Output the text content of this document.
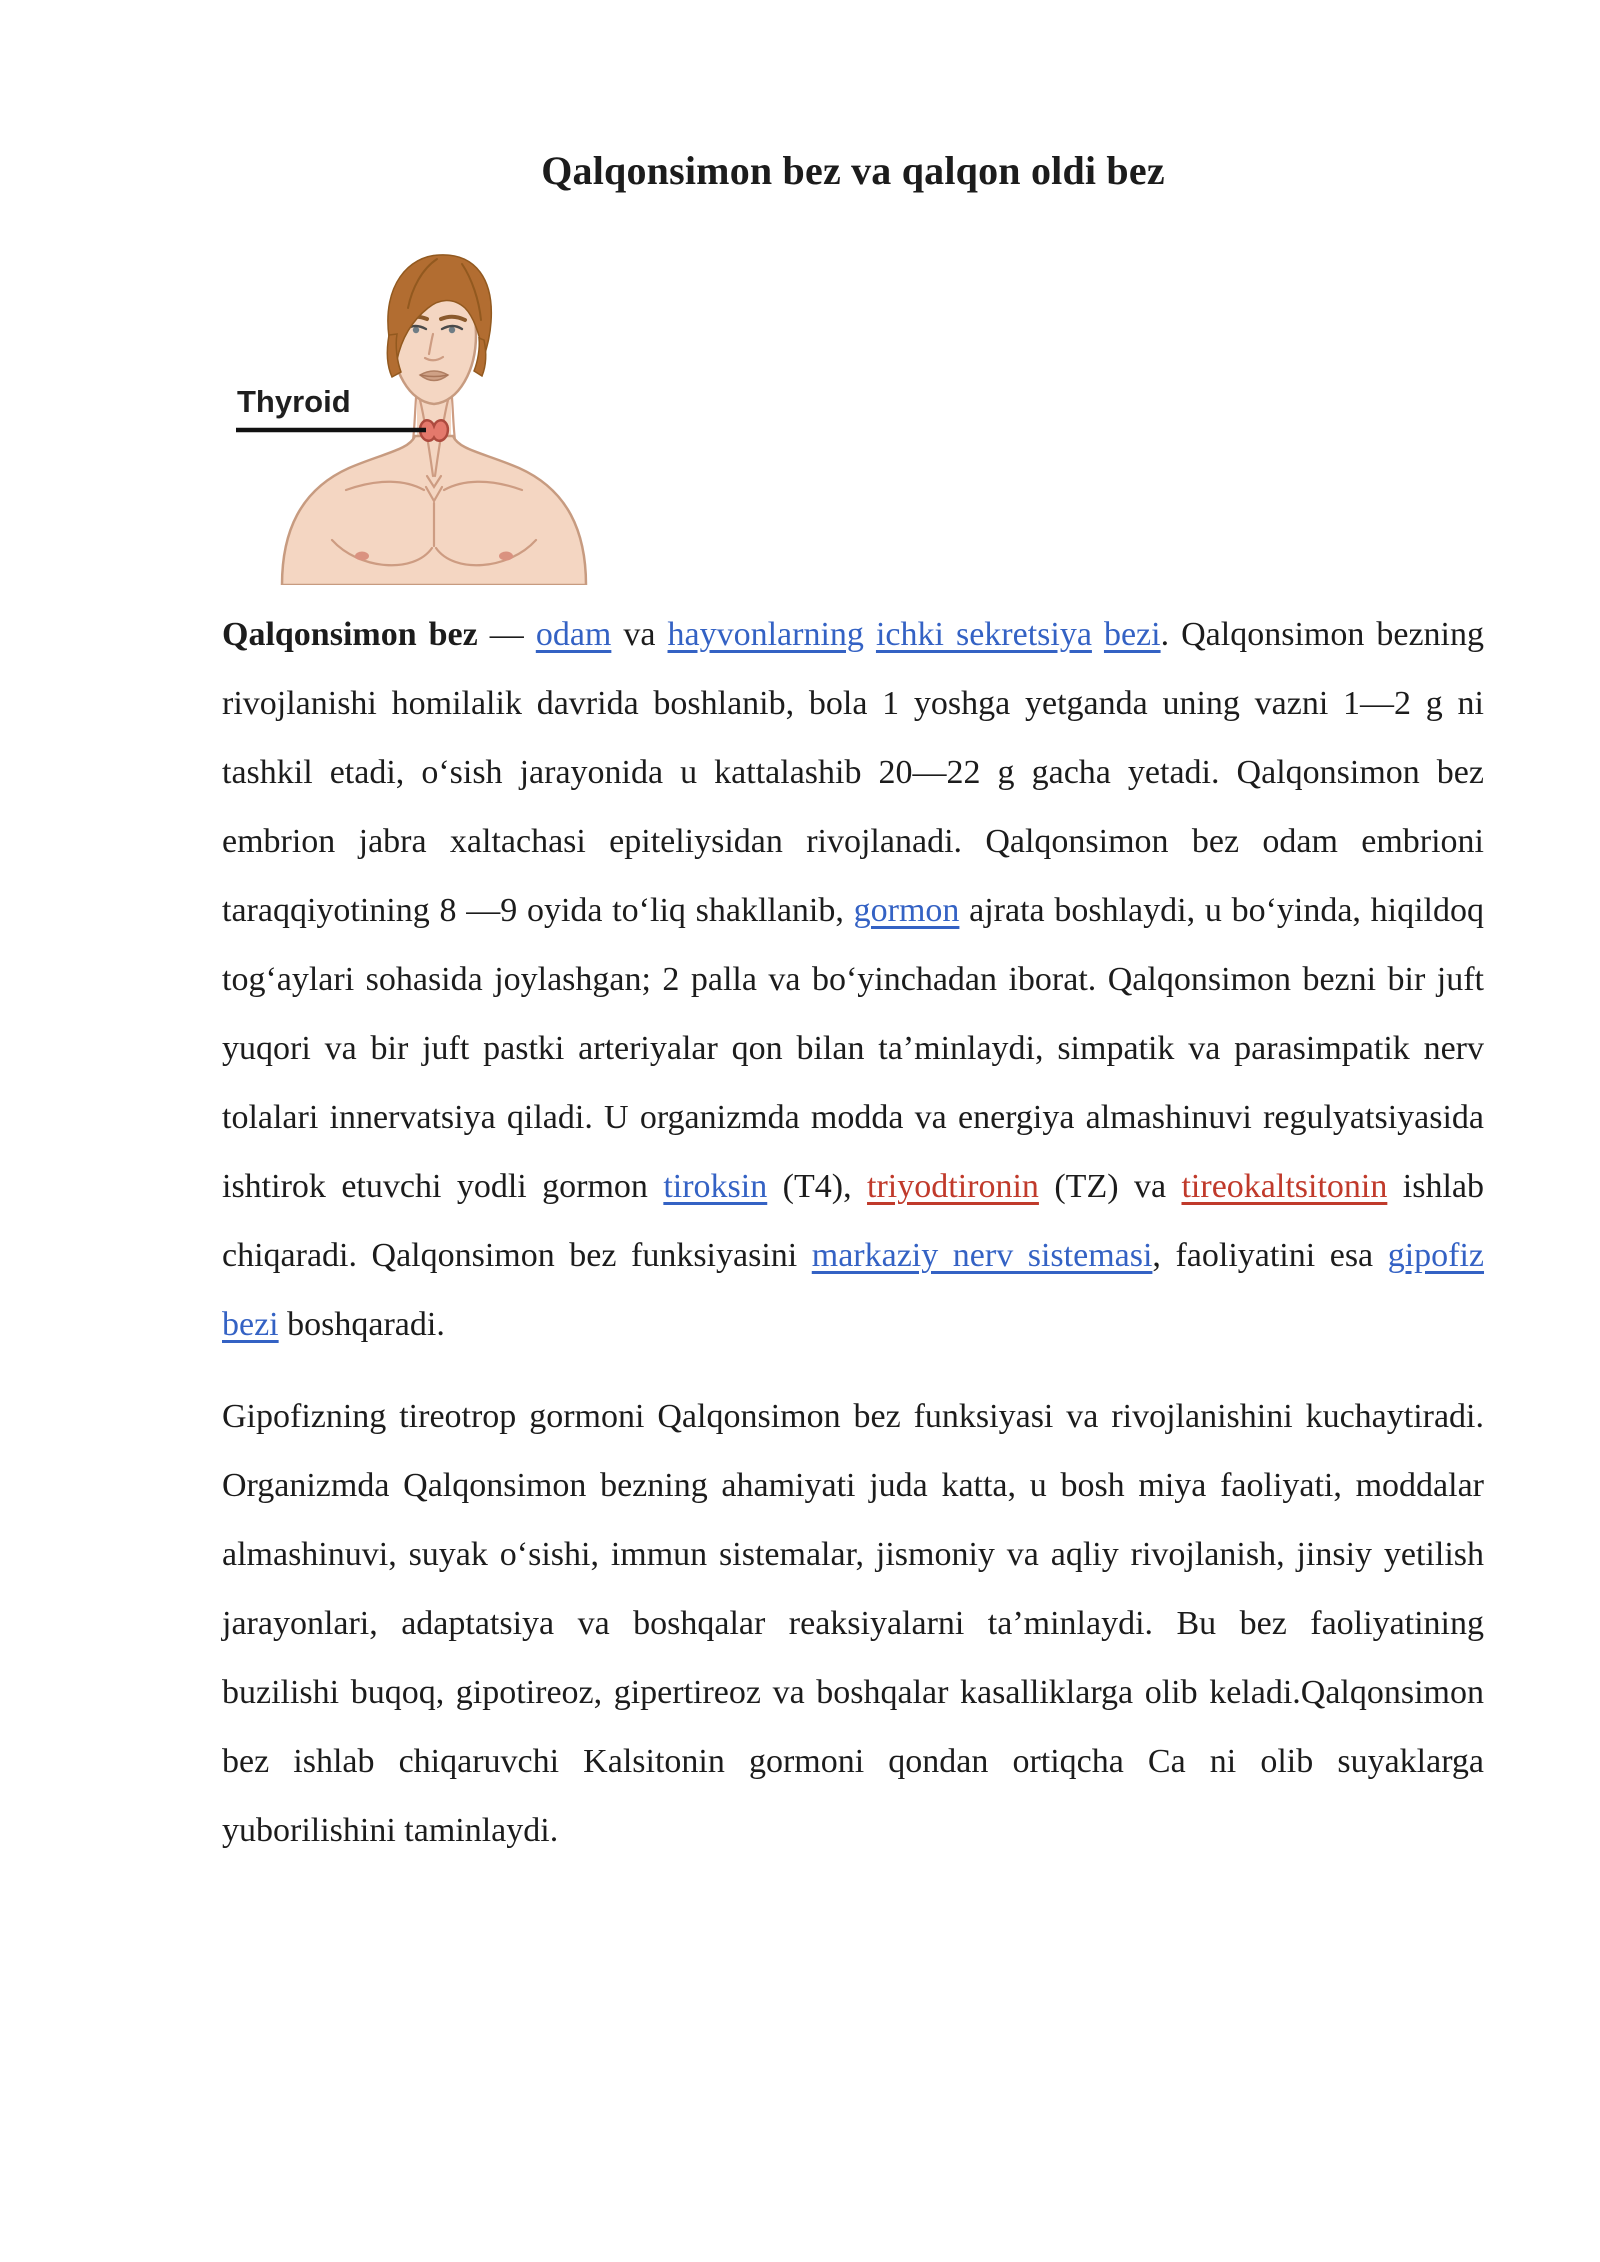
Qalqonsimon bez va qalqon oldi bez
Thyroid

Qalqonsimon bez — odam va hayvonlarning ichki sekretsiya bezi. Qalqonsimon bezning rivojlanishi homilalik davrida boshlanib, bola 1 yoshga yetganda uning vazni 1—2 g ni tashkil etadi, o‘sish jarayonida u kattalashib 20—22 g gacha yetadi. Qalqonsimon bez embrion jabra xaltachasi epiteliysidan rivojlanadi. Qalqonsimon bez odam embrioni taraqqiyotining 8 —9 oyida to‘liq shakllanib, gormon ajrata boshlaydi, u bo‘yinda, hiqildoq tog‘aylari sohasida joylashgan; 2 palla va bo‘yinchadan iborat. Qalqonsimon bezni bir juft yuqori va bir juft pastki arteriyalar qon bilan ta’minlaydi, simpatik va parasimpatik nerv tolalari innervatsiya qiladi. U organizmda modda va energiya almashinuvi regulyatsiyasida ishtirok etuvchi yodli gormon tiroksin (T4), triyodtironin (TZ) va tireokaltsitonin ishlab chiqaradi. Qalqonsimon bez funksiyasini markaziy nerv sistemasi, faoliyatini esa gipofiz bezi boshqaradi.

Gipofizning tireotrop gormoni Qalqonsimon bez funksiyasi va rivojlanishini kuchaytiradi. Organizmda Qalqonsimon bezning ahamiyati juda katta, u bosh miya faoliyati, moddalar almashinuvi, suyak o‘sishi, immun sistemalar, jismoniy va aqliy rivojlanish, jinsiy yetilish jarayonlari, adaptatsiya va boshqalar reaksiyalarni ta’minlaydi. Bu bez faoliyatining buzilishi buqoq, gipotireoz, gipertireoz va boshqalar kasalliklarga olib keladi.Qalqonsimon bez ishlab chiqaruvchi Kalsitonin gormoni qondan ortiqcha Ca ni olib suyaklarga yuborilishini taminlaydi.
